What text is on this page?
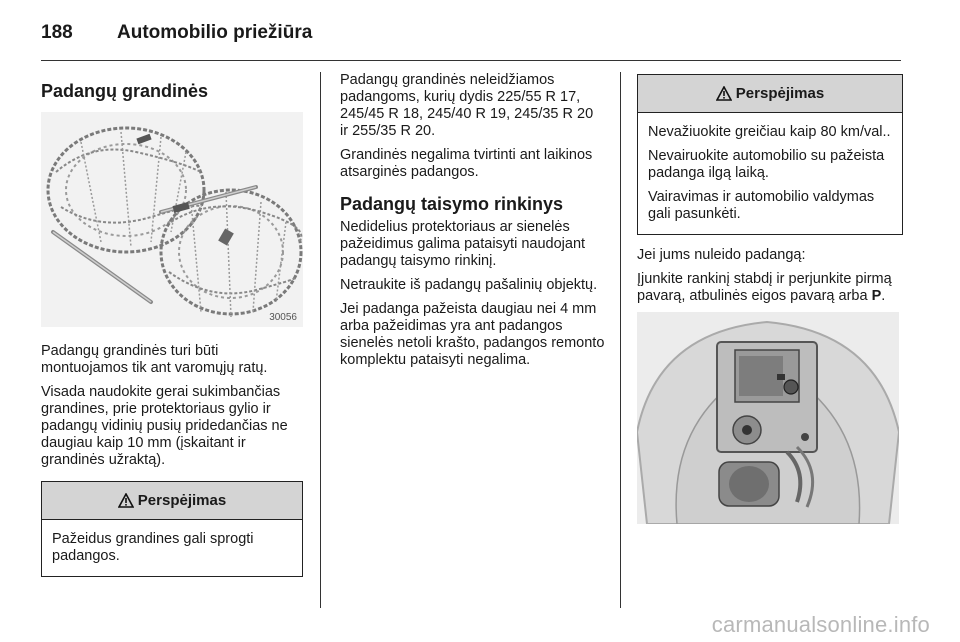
188 Automobilio priežiūra
Padangų grandinės
30056

Padangų grandinės turi būti montuojamos tik ant varomųjų ratų.

Visada naudokite gerai sukimbančias grandines, prie protektoriaus gylio ir padangų vidinių pusių pridedančias ne daugiau kaip 10 mm (įskaitant ir grandinės užraktą).

Perspėjimas

Pažeidus grandines gali sprogti padangos.

Padangų grandinės neleidžiamos padangoms, kurių dydis 225/55 R 17, 245/45 R 18, 245/40 R 19, 245/35 R 20 ir 255/35 R 20.

Grandinės negalima tvirtinti ant laikinos atsarginės padangos.

Padangų taisymo rinkinys

Nedidelius protektoriaus ar sienelės pažeidimus galima pataisyti naudojant padangų taisymo rinkinį.

Netraukite iš padangų pašalinių objektų.

Jei padanga pažeista daugiau nei 4 mm arba pažeidimas yra ant padangos sienelės netoli krašto, padangos remonto komplektu pataisyti negalima.

Perspėjimas

Nevažiuokite greičiau kaip 80 km/val..

Nevairuokite automobilio su pažeista padanga ilgą laiką.

Vairavimas ir automobilio valdymas gali pasunkėti.

Jei jums nuleido padangą:

Įjunkite rankinį stabdį ir perjunkite pirmą pavarą, atbulinės eigos pavarą arba P.

carmanualsonline.info
